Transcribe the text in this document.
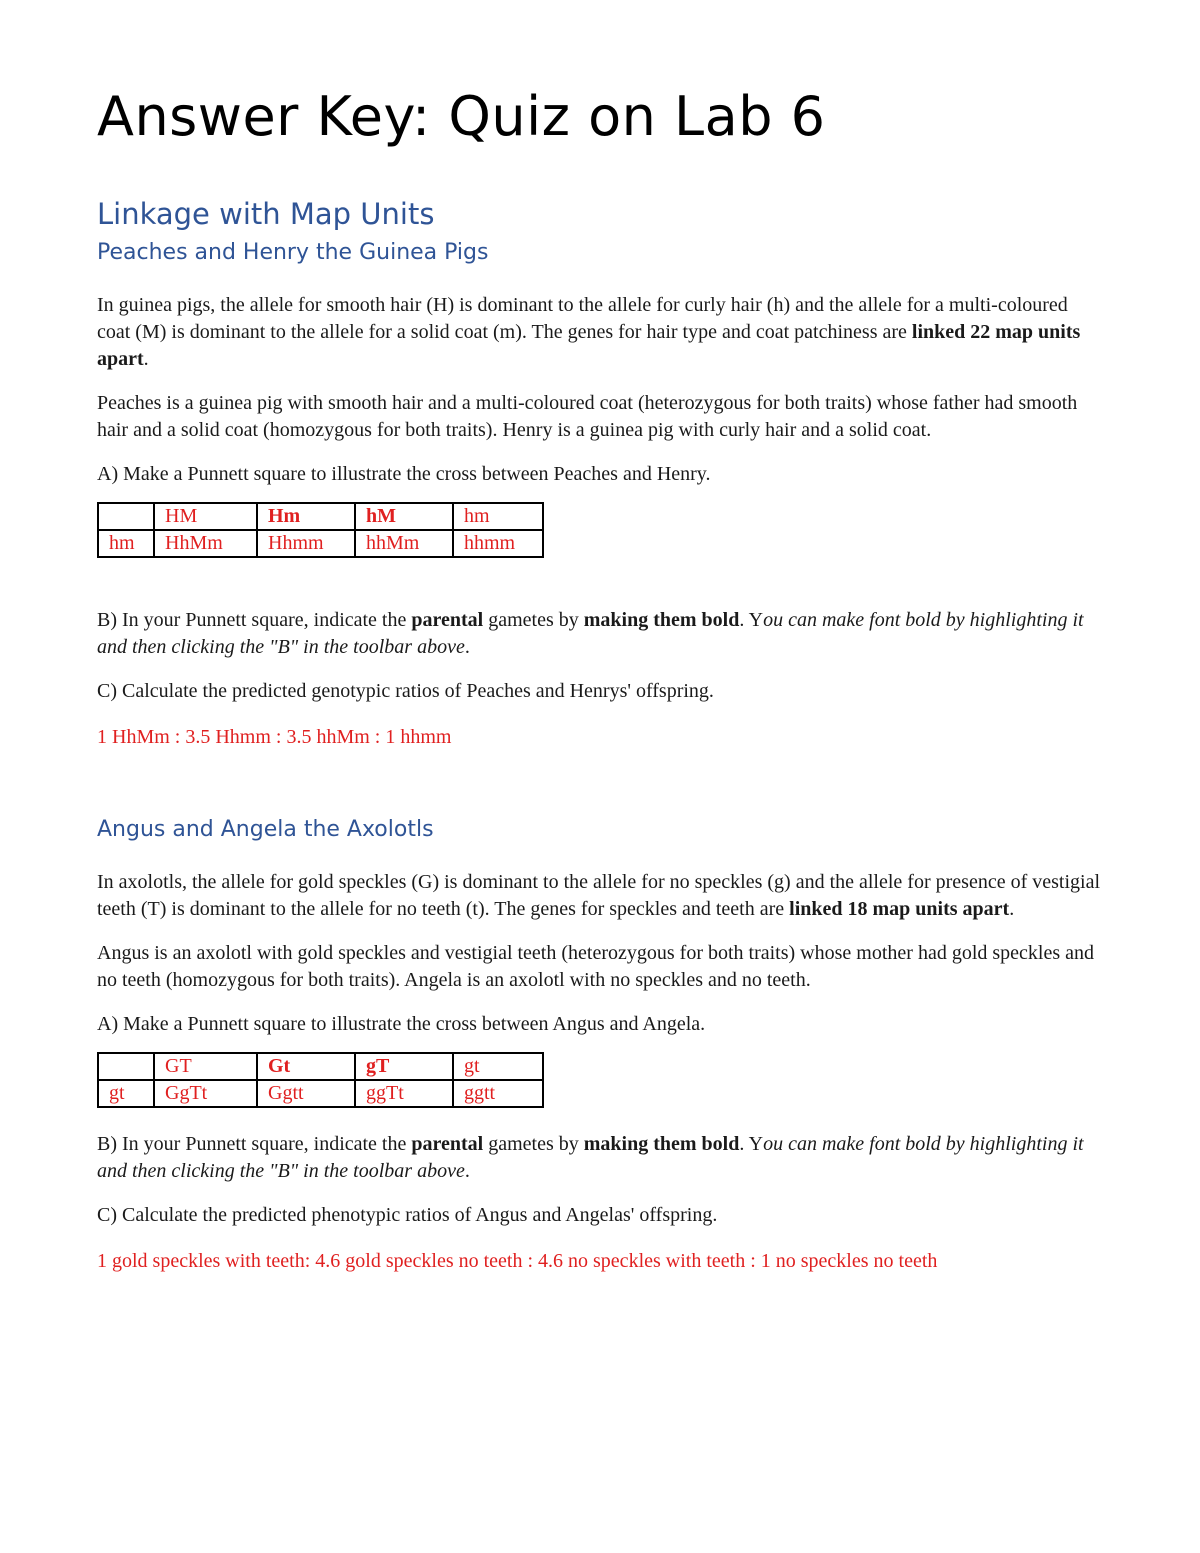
Answer Key: Quiz on Lab 6
Linkage with Map Units
Peaches and Henry the Guinea Pigs

In guinea pigs, the allele for smooth hair (H) is dominant to the allele for curly hair (h) and the allele for a multi-coloured coat (M) is dominant to the allele for a solid coat (m). The genes for hair type and coat patchiness are linked 22 map units apart.

Peaches is a guinea pig with smooth hair and a multi-coloured coat (heterozygous for both traits) whose father had smooth hair and a solid coat (homozygous for both traits). Henry is a guinea pig with curly hair and a solid coat.

A) Make a Punnett square to illustrate the cross between Peaches and Henry.

	HM	Hm	hM	hm
hm	HhMm	Hhmm	hhMm	hhmm

B) In your Punnett square, indicate the parental gametes by making them bold. You can make font bold by highlighting it and then clicking the "B" in the toolbar above.

C) Calculate the predicted genotypic ratios of Peaches and Henrys' offspring.

1 HhMm : 3.5 Hhmm : 3.5 hhMm : 1 hhmm

Angus and Angela the Axolotls

In axolotls, the allele for gold speckles (G) is dominant to the allele for no speckles (g) and the allele for presence of vestigial teeth (T) is dominant to the allele for no teeth (t). The genes for speckles and teeth are linked 18 map units apart.

Angus is an axolotl with gold speckles and vestigial teeth (heterozygous for both traits) whose mother had gold speckles and no teeth (homozygous for both traits). Angela is an axolotl with no speckles and no teeth.

A) Make a Punnett square to illustrate the cross between Angus and Angela.

	GT	Gt	gT	gt
gt	GgTt	Ggtt	ggTt	ggtt

B) In your Punnett square, indicate the parental gametes by making them bold. You can make font bold by highlighting it and then clicking the "B" in the toolbar above.

C) Calculate the predicted phenotypic ratios of Angus and Angelas' offspring.

1 gold speckles with teeth: 4.6 gold speckles no teeth : 4.6 no speckles with teeth : 1 no speckles no teeth
